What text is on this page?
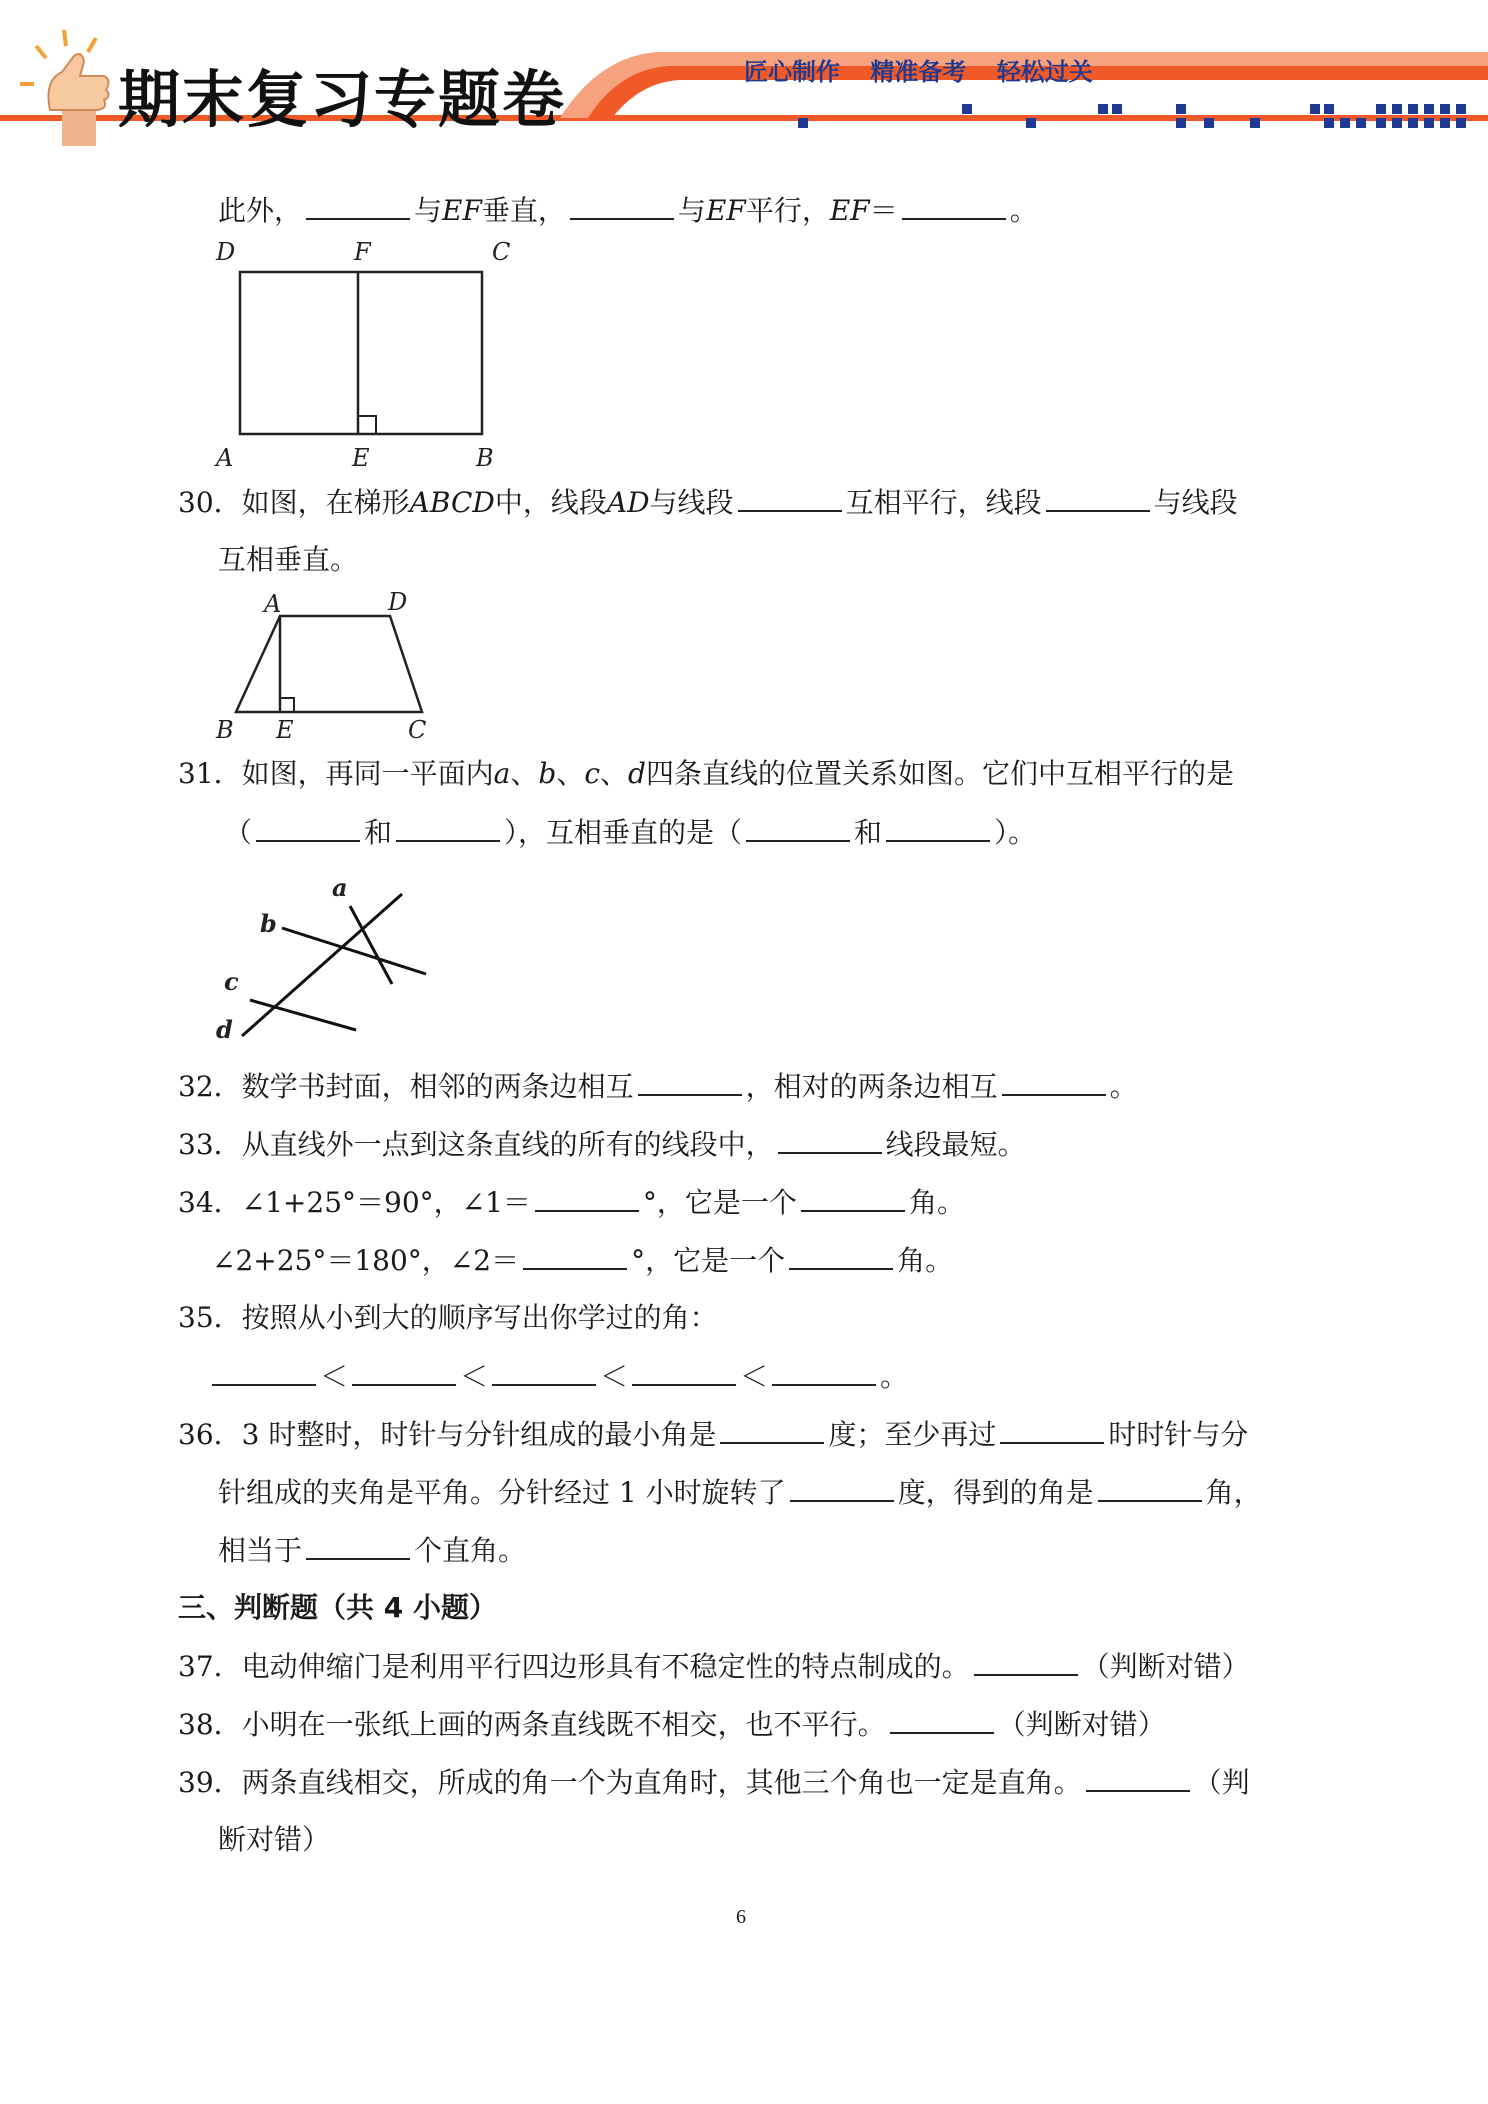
期末复习专题卷	匠心制作 精准备考 轻松过关
此外，	与EF垂直，	与EF平行，EF＝	。
D	F	C
A	E	B
30．如图，在梯形ABCD中，线段AD与线段	互相平行，线段	与线段
互相垂直。
A	D
B E	C
31．如图，再同一平面内a、b、c、d四条直线的位置关系如图。它们中互相平行的是
（	和	），互相垂直的是（	和	）。
a
b
c
d
32．数学书封面，相邻的两条边相互	，相对的两条边相互	。
33．从直线外一点到这条直线的所有的线段中，	线段最短。
34．∠1+25°＝90°，∠1＝	°，它是一个	角。
∠2+25°＝180°，∠2＝	°，它是一个	角。
35．按照从小到大的顺序写出你学过的角：
＜	＜	＜	＜	。
36．3 时整时，时针与分针组成的最小角是	度；至少再过	时时针与分
针组成的夹角是平角。分针经过 1 小时旋转了	度，得到的角是	角，
相当于	个直角。
三、判断题（共 4 小题）
37．电动伸缩门是利用平行四边形具有不稳定性的特点制成的。	（判断对错）
38．小明在一张纸上画的两条直线既不相交，也不平行。	（判断对错）
39．两条直线相交，所成的角一个为直角时，其他三个角也一定是直角。	（判
断对错）
6
